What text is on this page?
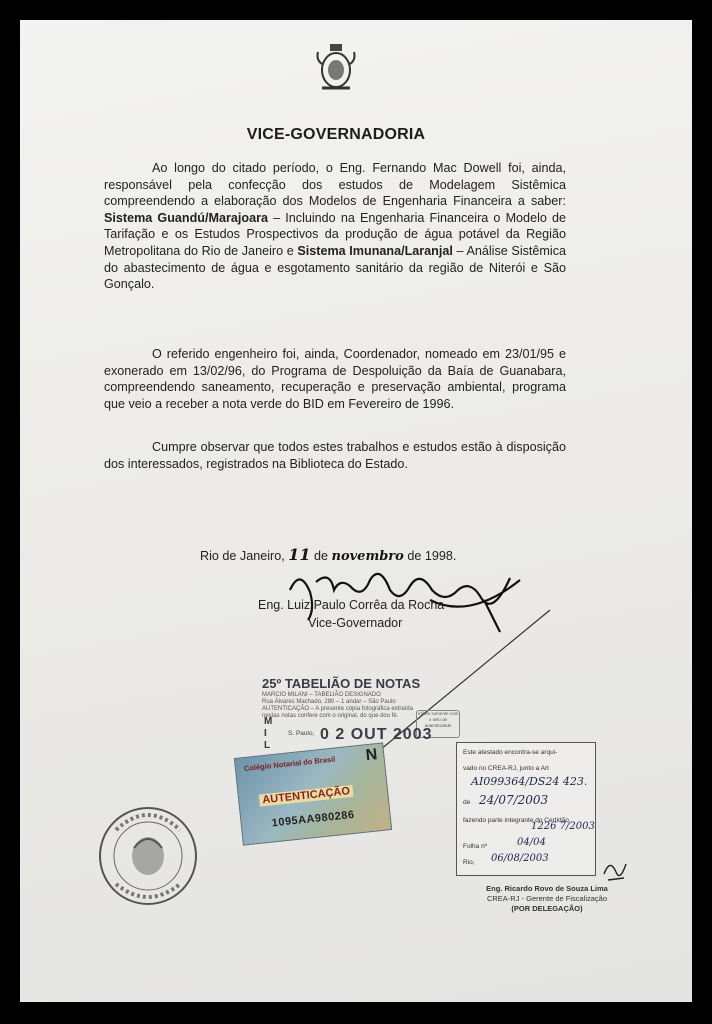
VICE-GOVERNADORIA

Ao longo do citado período, o Eng. Fernando Mac Dowell foi, ainda, responsável pela confecção dos estudos de Modelagem Sistêmica compreendendo a elaboração dos Modelos de Engenharia Financeira a saber: Sistema Guandú/Marajoara – Incluindo na Engenharia Financeira o Modelo de Tarifação e os Estudos Prospectivos da produção de água potável da Região Metropolitana do Rio de Janeiro e Sistema Imunana/Laranjal – Análise Sistêmica do abastecimento de água e esgotamento sanitário da região de Niterói e São Gonçalo.

O referido engenheiro foi, ainda, Coordenador, nomeado em 23/01/95 e exonerado em 13/02/96, do Programa de Despoluição da Baía de Guanabara, compreendendo saneamento, recuperação e preservação ambiental, programa que veio a receber a nota verde do BID em Fevereiro de 1996.

Cumpre observar que todos estes trabalhos e estudos estão à disposição dos interessados, registrados na Biblioteca do Estado.

Rio de Janeiro, 11 de novembro de 1998.
Eng. Luiz Paulo Corrêa da Rocha
Vice-Governador
25º TABELIÃO DE NOTAS
MARCIO MILANI – TABELIÃO DESIGNADO
Rua Álvares Machado, 280 – 1 andar – São Paulo
AUTENTICAÇÃO – A presente cópia fotográfica extraída
nestas notas confere com o original, do que dou fé.	Válido somente com o selo de autenticidade
M
I
L
S. Paulo, 0 2 OUT 2003
Colégio Notarial do Brasil N
AUTENTICAÇÃO
1095AA980286
Este atestado encontra-se arqui-
vado no CREA-RJ, junto a Art
AI099364/DS24 423.
de 24/07/2003
fazendo parte integrante do Certidão
1226 7/2003
Folha nº	04/04
Rio, 06/08/2003
Eng. Ricardo Rovo de Souza Lima
CREA-RJ - Gerente de Fiscalização
(POR DELEGAÇÃO)
